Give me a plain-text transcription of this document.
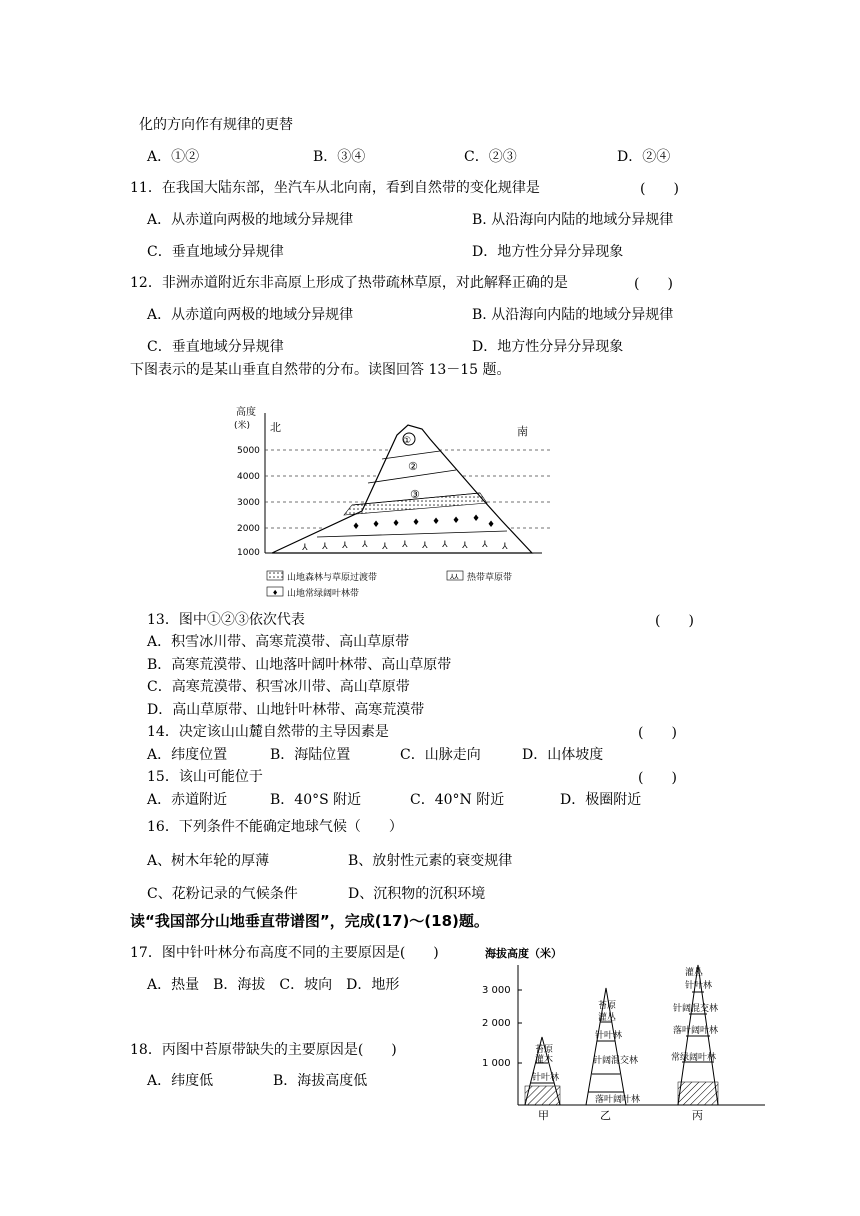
化的方向作有规律的更替
A．①②	B．③④	C．②③	D．②④
11．在我国大陆东部，坐汽车从北向南，看到自然带的变化规律是	(　　)
A．从赤道向两极的地域分异规律	B. 从沿海向内陆的地域分异规律
C．垂直地域分异规律	D．地方性分异分异现象
12．非洲赤道附近东非高原上形成了热带疏林草原，对此解释正确的是	(　　)
A．从赤道向两极的地域分异规律	B. 从沿海向内陆的地域分异规律
C．垂直地域分异规律	D．地方性分异分异现象
下图表示的是某山垂直自然带的分布。读图回答 13－15 题。
高度
(米) 北	南
5000
4000
3000
2000
1000
♦ ♦ ♦ ♦ ♦ ♦ ♦
♦
⅄ ⅄ ⅄ ⅄ ⅄ ⅄ ⅄ ⅄ ⅄ ⅄ ⅄
①
②
③
山地森林与草原过渡带	⅄⅄ 热带草原带
♦ 山地常绿阔叶林带
13．图中①②③依次代表	(　　)
A．积雪冰川带、高寒荒漠带、高山草原带
B．高寒荒漠带、山地落叶阔叶林带、高山草原带
C．高寒荒漠带、积雪冰川带、高山草原带
D．高山草原带、山地针叶林带、高寒荒漠带
14．决定该山山麓自然带的主导因素是	(　　)
A．纬度位置	B．海陆位置	C．山脉走向	D．山体坡度
15．该山可能位于	(　　)
A．赤道附近	B．40°S 附近	C．40°N 附近	D．极圈附近
16．下列条件不能确定地球气候（　　）
A、树木年轮的厚薄	B、放射性元素的衰变规律
C、花粉记录的气候条件	D、沉积物的沉积环境
读“我国部分山地垂直带谱图”，完成(17)～(18)题。
17．图中针叶林分布高度不同的主要原因是(　　)
A．热量　B．海拔　C．坡向　D．地形
18．丙图中苔原带缺失的主要原因是(　　)
A．纬度低	B．海拔高度低
海拔高度（米）
3 000
2 000
1 000
苔原
灌木
针叶林
苔原
灌丛
针叶林
针阔混交林
落叶阔叶林
灌丛
针叶林
针阔混交林
落叶阔叶林
常绿阔叶林
甲	乙	丙
